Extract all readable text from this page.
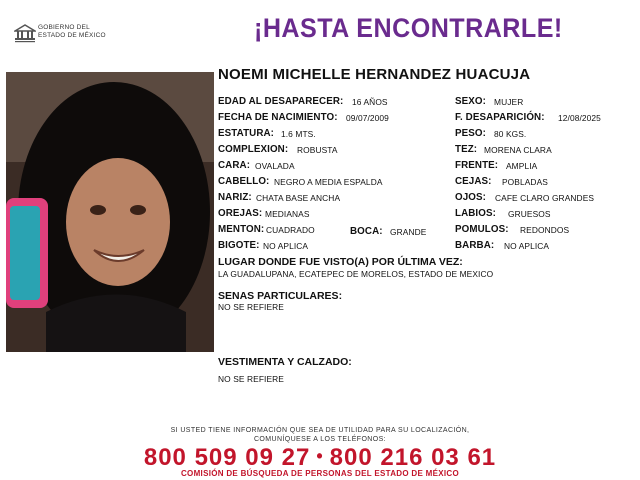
GOBIERNO DEL
ESTADO DE MÉXICO	¡HASTA ENCONTRARLE!
NOEMI MICHELLE HERNANDEZ HUACUJA
EDAD AL DESAPARECER: 16 AÑOS
FECHA DE NACIMIENTO: 09/07/2009
ESTATURA: 1.6 MTS.
COMPLEXION: ROBUSTA
CARA: OVALADA
CABELLO: NEGRO A MEDIA ESPALDA
NARIZ: CHATA BASE ANCHA
OREJAS: MEDIANAS
MENTON: CUADRADO	BOCA: GRANDE
BIGOTE: NO APLICA
SEXO: MUJER
F. DESAPARICIÓN: 12/08/2025
PESO: 80 KGS.
TEZ: MORENA CLARA
FRENTE: AMPLIA
CEJAS: POBLADAS
OJOS: CAFE CLARO GRANDES
LABIOS: GRUESOS
POMULOS: REDONDOS
BARBA: NO APLICA
LUGAR DONDE FUE VISTO(A) POR ÚLTIMA VEZ:
LA GUADALUPANA, ECATEPEC DE MORELOS, ESTADO DE MEXICO
SENAS PARTICULARES:
NO SE REFIERE
VESTIMENTA Y CALZADO:
NO SE REFIERE
SI USTED TIENE INFORMACIÓN QUE SEA DE UTILIDAD PARA SU LOCALIZACIÓN,
COMUNÍQUESE A LOS TELÉFONOS:
800 509 09 27 • 800 216 03 61
COMISIÓN DE BÚSQUEDA DE PERSONAS DEL ESTADO DE MÉXICO
